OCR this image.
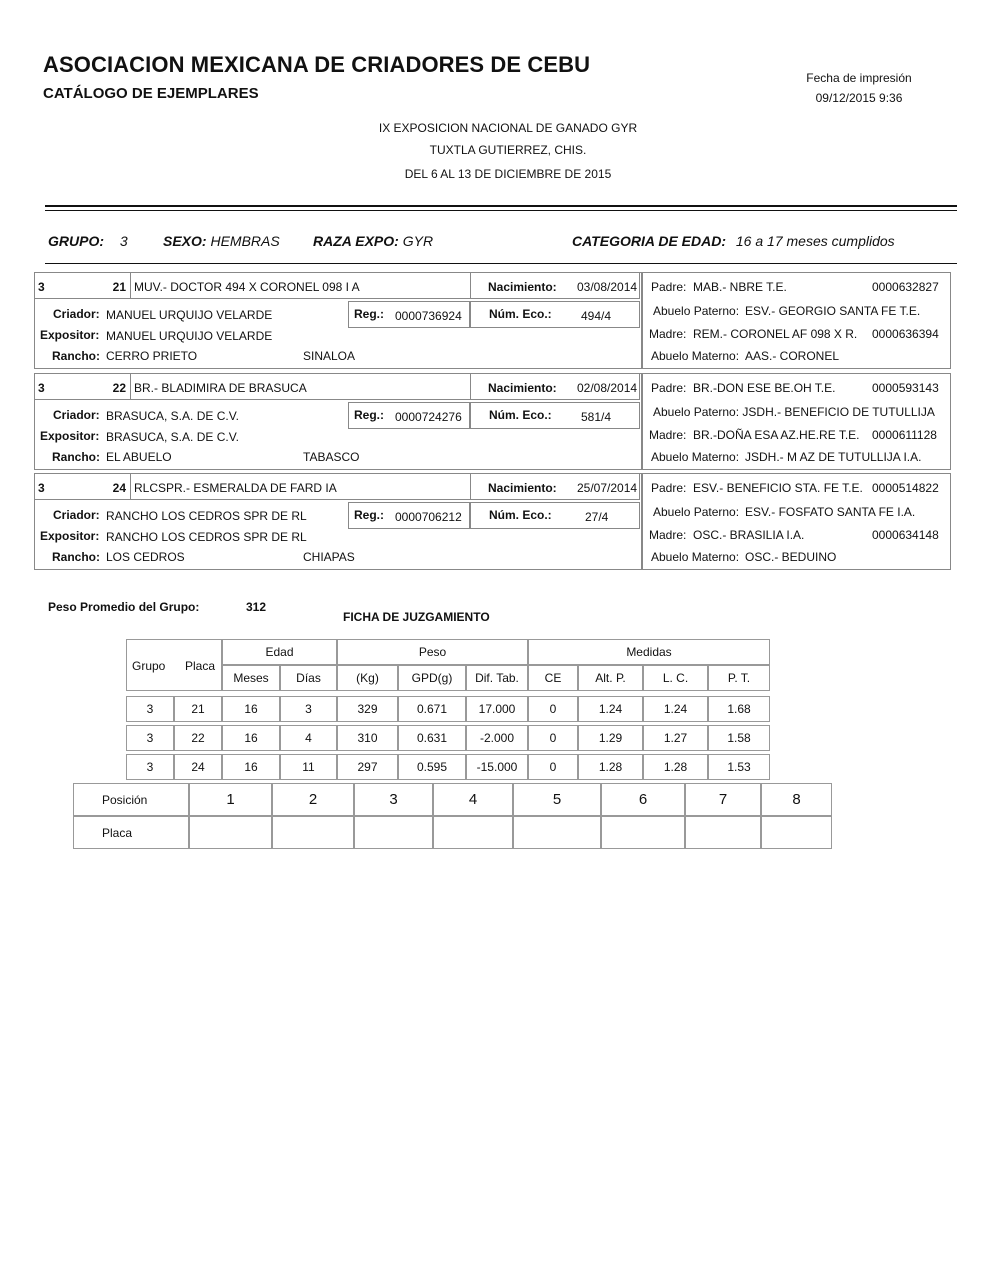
ASOCIACION MEXICANA DE CRIADORES DE CEBU
CATÁLOGO DE EJEMPLARES
Fecha de impresión
09/12/2015 9:36
IX EXPOSICION NACIONAL DE GANADO GYR
TUXTLA GUTIERREZ, CHIS.
DEL 6 AL 13 DE DICIEMBRE DE 2015
GRUPO: 3	SEXO: HEMBRAS RAZA EXPO: GYR	CATEGORIA DE EDAD: 16 a 17 meses cumplidos
3	21 MUV.- DOCTOR 494 X CORONEL 098 I A	Nacimiento: 03/08/2014
Reg.: 0000736924 Núm. Eco.: 494/4
Criador: MANUEL URQUIJO VELARDE
Expositor: MANUEL URQUIJO VELARDE
Rancho: CERRO PRIETO	SINALOA
Padre: MAB.- NBRE T.E.	0000632827
Abuelo Paterno: ESV.- GEORGIO SANTA FE T.E.
Madre: REM.- CORONEL AF 098 X R.	0000636394
Abuelo Materno: AAS.- CORONEL
3	22 BR.- BLADIMIRA DE BRASUCA	Nacimiento: 02/08/2014
Reg.: 0000724276 Núm. Eco.: 581/4
Criador: BRASUCA, S.A. DE C.V.
Expositor: BRASUCA, S.A. DE C.V.
Rancho: EL ABUELO	TABASCO
Padre: BR.-DON ESE BE.OH T.E.	0000593143
Abuelo Paterno: JSDH.- BENEFICIO DE TUTULLIJA
Madre: BR.-DOÑA ESA AZ.HE.RE T.E.	0000611128
Abuelo Materno: JSDH.- M AZ DE TUTULLIJA I.A.
3	24 RLCSPR.- ESMERALDA DE FARD IA	Nacimiento: 25/07/2014
Reg.: 0000706212 Núm. Eco.:	27/4
Criador: RANCHO LOS CEDROS SPR DE RL
Expositor: RANCHO LOS CEDROS SPR DE RL
Rancho: LOS CEDROS	CHIAPAS
Padre: ESV.- BENEFICIO STA. FE T.E. 0000514822
Abuelo Paterno: ESV.- FOSFATO SANTA FE I.A.
Madre: OSC.- BRASILIA I.A.	0000634148
Abuelo Materno: OSC.- BEDUINO
Peso Promedio del Grupo:	312
FICHA DE JUZGAMIENTO
Grupo Placa		Edad		Peso			Medidas			
		Meses	Días	(Kg)	GPD(g)	Dif. Tab.	CE	Alt. P.	L. C.	P. T.

3	21	16	3	329	0.671	17.000	0	1.24	1.24	1.68

3	22	16	4	310	0.631	-2.000	0	1.29	1.27	1.58

3	24	16	11	297	0.595	-15.000	0	1.28	1.28	1.53
Posición	1	2	3	4	5	6	7	8
Placa								
